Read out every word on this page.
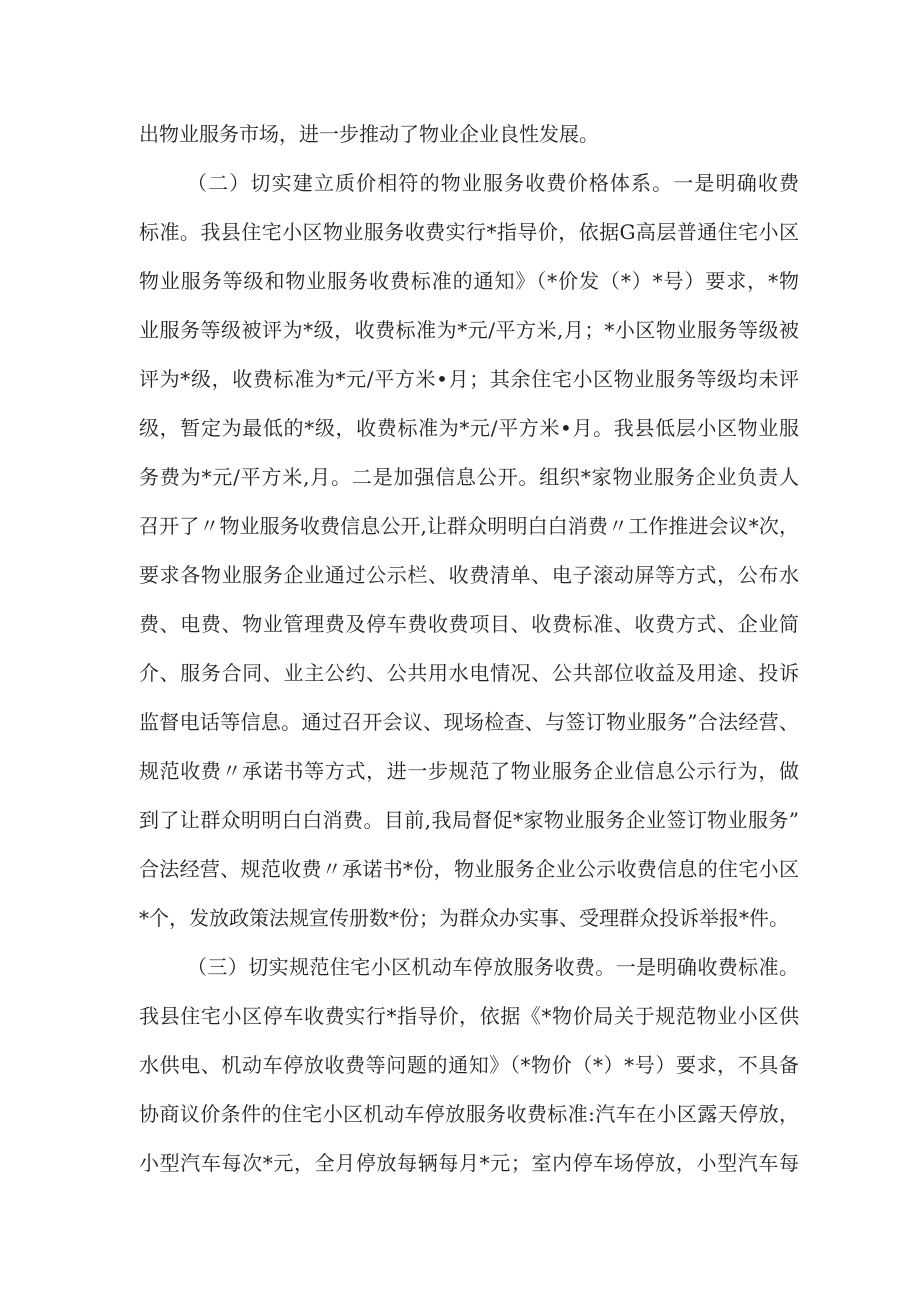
出物业服务市场，进一步推动了物业企业良性发展。
（二）切实建立质价相符的物业服务收费价格体系。一是明确收费
标准。我县住宅小区物业服务收费实行*指导价，依据G高层普通住宅小区
物业服务等级和物业服务收费标准的通知》（*价发（*）*号）要求，*物
业服务等级被评为*级，收费标准为*元/平方米,月；*小区物业服务等级被
评为*级，收费标准为*元/平方米•月；其余住宅小区物业服务等级均未评
级，暂定为最低的*级，收费标准为*元/平方米•月。我县低层小区物业服
务费为*元/平方米,月。二是加强信息公开。组织*家物业服务企业负责人
召开了〃物业服务收费信息公开,让群众明明白白消费〃工作推进会议*次，
要求各物业服务企业通过公示栏、收费清单、电子滚动屏等方式，公布水
费、电费、物业管理费及停车费收费项目、收费标准、收费方式、企业简
介、服务合同、业主公约、公共用水电情况、公共部位收益及用途、投诉
监督电话等信息。通过召开会议、现场检查、与签订物业服务”合法经营、
规范收费〃承诺书等方式，进一步规范了物业服务企业信息公示行为，做
到了让群众明明白白消费。目前,我局督促*家物业服务企业签订物业服务”
合法经营、规范收费〃承诺书*份，物业服务企业公示收费信息的住宅小区
*个，发放政策法规宣传册数*份；为群众办实事、受理群众投诉举报*件。
（三）切实规范住宅小区机动车停放服务收费。一是明确收费标准。
我县住宅小区停车收费实行*指导价，依据《*物价局关于规范物业小区供
水供电、机动车停放收费等问题的通知》（*物价（*）*号）要求，不具备
协商议价条件的住宅小区机动车停放服务收费标准:汽车在小区露天停放，
小型汽车每次*元，全月停放每辆每月*元；室内停车场停放，小型汽车每
